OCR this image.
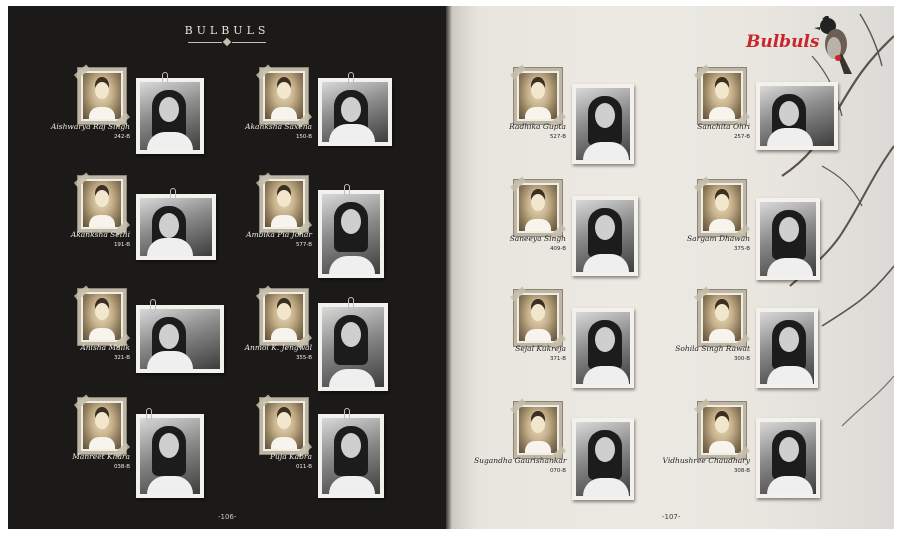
BULBULS
Aishwarya Raj Singh
242-B
Akanksha Saxena
150-B
Akanksha Sethi
191-B
Ambika Pia Johar
577-B
Anisha Malik
321-B
Anmol K. Jengwal
355-B
Manreet Khara
038-B
Puja Kabra
011-B
-106-
Bulbuls
Radhika Gupta
527-B
Sanchita Ohri
257-B
Saneeya Singh
409-B
Sargam Dhawan
375-B
Sejal Kukreja
371-B
Sohila Singh Rawat
300-B
Sugandha Gaurishankar
070-B
Vidhushree Chaudhary
308-B
-107-
